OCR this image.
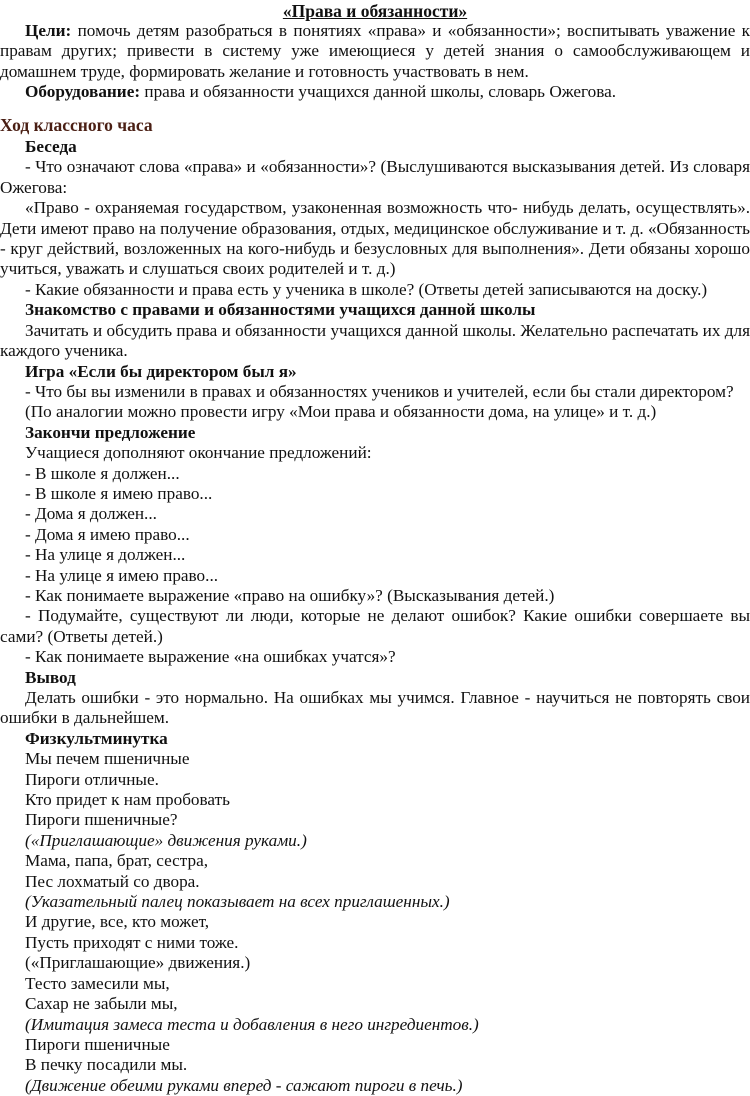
«Права и обязанности»

Цели: помочь детям разобраться в понятиях «права» и «обязанности»; воспитывать уважение к правам других; привести в систему уже имеющиеся у детей знания о самообслуживающем и домашнем труде, формировать желание и готовность участвовать в нем.

Оборудование: права и обязанности учащихся данной школы, словарь Ожегова.

Ход классного часа

Беседа

- Что означают слова «права» и «обязанности»? (Выслушиваются высказывания детей. Из словаря Ожегова:

«Право - охраняемая государством, узаконенная возможность что- нибудь делать, осуществлять». Дети имеют право на получение образования, отдых, медицинское обслуживание и т. д. «Обязанность - круг действий, возложенных на кого-нибудь и безусловных для выполнения». Дети обязаны хорошо учиться, уважать и слушаться своих родителей и т. д.)

- Какие обязанности и права есть у ученика в школе? (Ответы детей записываются на доску.)

Знакомство с правами и обязанностями учащихся данной школы

Зачитать и обсудить права и обязанности учащихся данной школы. Желательно распечатать их для каждого ученика.

Игра «Если бы директором был я»

- Что бы вы изменили в правах и обязанностях учеников и учителей, если бы стали директором?

(По аналогии можно провести игру «Мои права и обязанности дома, на улице» и т. д.)

Закончи предложение

Учащиеся дополняют окончание предложений:

- В школе я должен...

- В школе я имею право...

- Дома я должен...

- Дома я имею право...

- На улице я должен...

- На улице я имею право...

- Как понимаете выражение «право на ошибку»? (Высказывания детей.)

- Подумайте, существуют ли люди, которые не делают ошибок? Какие ошибки совершаете вы сами? (Ответы детей.)

- Как понимаете выражение «на ошибках учатся»?

Вывод

Делать ошибки - это нормально. На ошибках мы учимся. Главное - научиться не повторять свои ошибки в дальнейшем.

Физкультминутка

Мы печем пшеничные

Пироги отличные.

Кто придет к нам пробовать

Пироги пшеничные?

(«Приглашающие» движения руками.)

Мама, папа, брат, сестра,

Пес лохматый со двора.

(Указательный палец показывает на всех приглашенных.)

И другие, все, кто может,

Пусть приходят с ними тоже.

(«Приглашающие» движения.)

Тесто замесили мы,

Сахар не забыли мы,

(Имитация замеса теста и добавления в него ингредиентов.)

Пироги пшеничные

В печку посадили мы.

(Движение обеими руками вперед - сажают пироги в печь.)
